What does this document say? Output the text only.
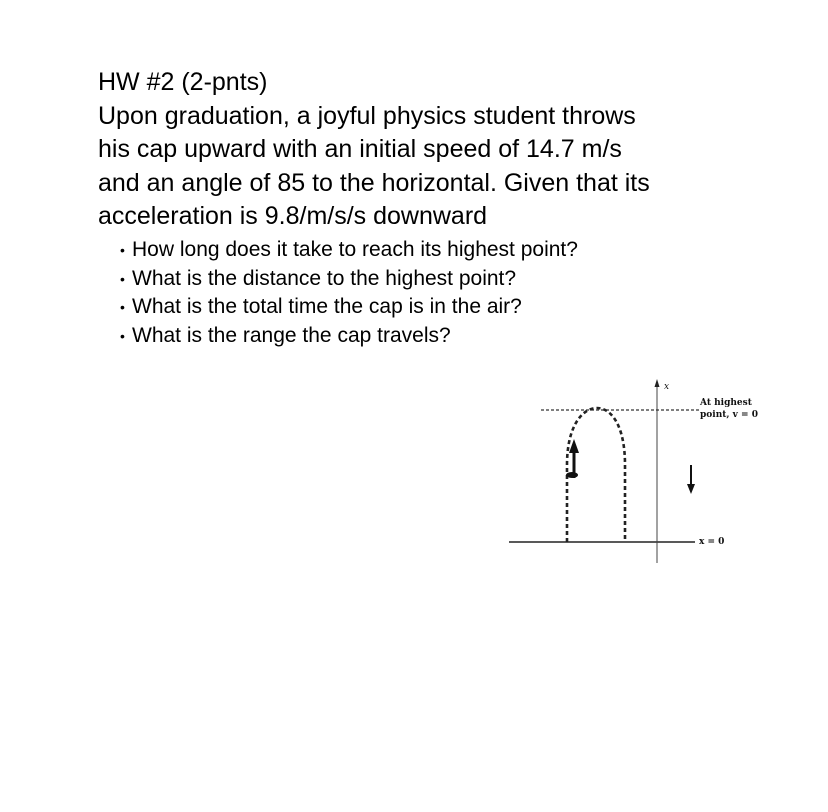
HW #2 (2-pnts)
Upon graduation, a joyful physics student throws
his cap upward with an initial speed of 14.7 m/s
and an angle of 85 to the horizontal. Given that its
acceleration is 9.8/m/s/s downward
• How long does it take to reach its highest point?
• What is the distance to the highest point?
• What is the total time the cap is in the air?
• What is the range the cap travels?
x
At highest
point, v = 0
x = 0
